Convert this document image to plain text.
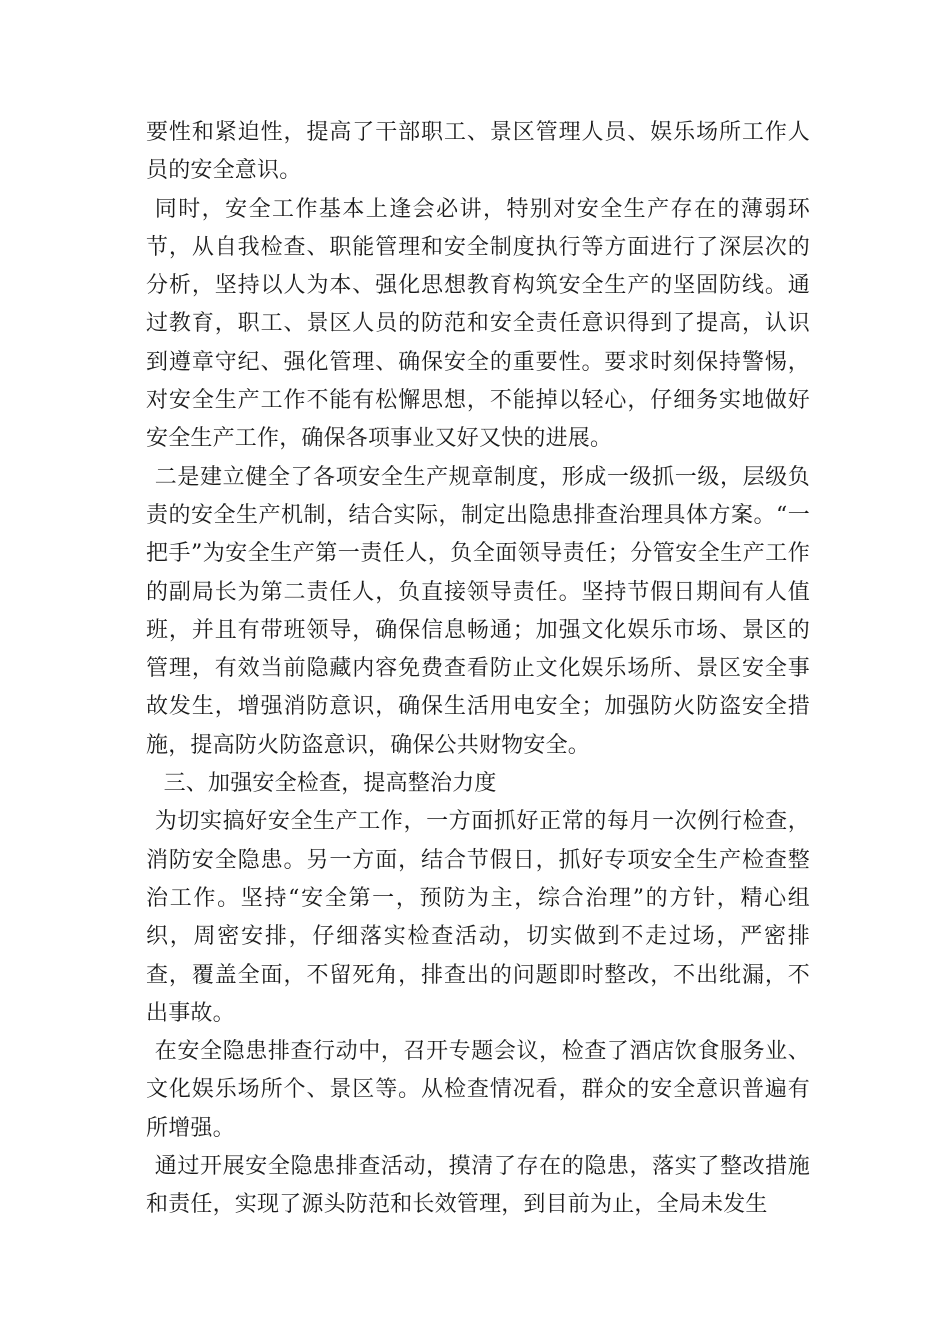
要性和紧迫性，提高了干部职工、景区管理人员、娱乐场所工作人员的安全意识。

同时，安全工作基本上逢会必讲，特别对安全生产存在的薄弱环节，从自我检查、职能管理和安全制度执行等方面进行了深层次的分析，坚持以人为本、强化思想教育构筑安全生产的坚固防线。通过教育，职工、景区人员的防范和安全责任意识得到了提高，认识到遵章守纪、强化管理、确保安全的重要性。要求时刻保持警惕，对安全生产工作不能有松懈思想，不能掉以轻心，仔细务实地做好安全生产工作，确保各项事业又好又快的进展。

二是建立健全了各项安全生产规章制度，形成一级抓一级，层级负责的安全生产机制，结合实际，制定出隐患排查治理具体方案。“一把手”为安全生产第一责任人，负全面领导责任；分管安全生产工作的副局长为第二责任人，负直接领导责任。坚持节假日期间有人值班，并且有带班领导，确保信息畅通；加强文化娱乐市场、景区的管理，有效当前隐藏内容免费查看防止文化娱乐场所、景区安全事故发生，增强消防意识，确保生活用电安全；加强防火防盗安全措施，提高防火防盗意识，确保公共财物安全。

三、加强安全检查，提高整治力度

为切实搞好安全生产工作，一方面抓好正常的每月一次例行检查，消防安全隐患。另一方面，结合节假日，抓好专项安全生产检查整治工作。坚持“安全第一，预防为主，综合治理”的方针，精心组织，周密安排，仔细落实检查活动，切实做到不走过场，严密排查，覆盖全面，不留死角，排查出的问题即时整改，不出纰漏，不出事故。

在安全隐患排查行动中，召开专题会议，检查了酒店饮食服务业、文化娱乐场所个、景区等。从检查情况看，群众的安全意识普遍有所增强。

通过开展安全隐患排查活动，摸清了存在的隐患，落实了整改措施和责任，实现了源头防范和长效管理，到目前为止，全局未发生
